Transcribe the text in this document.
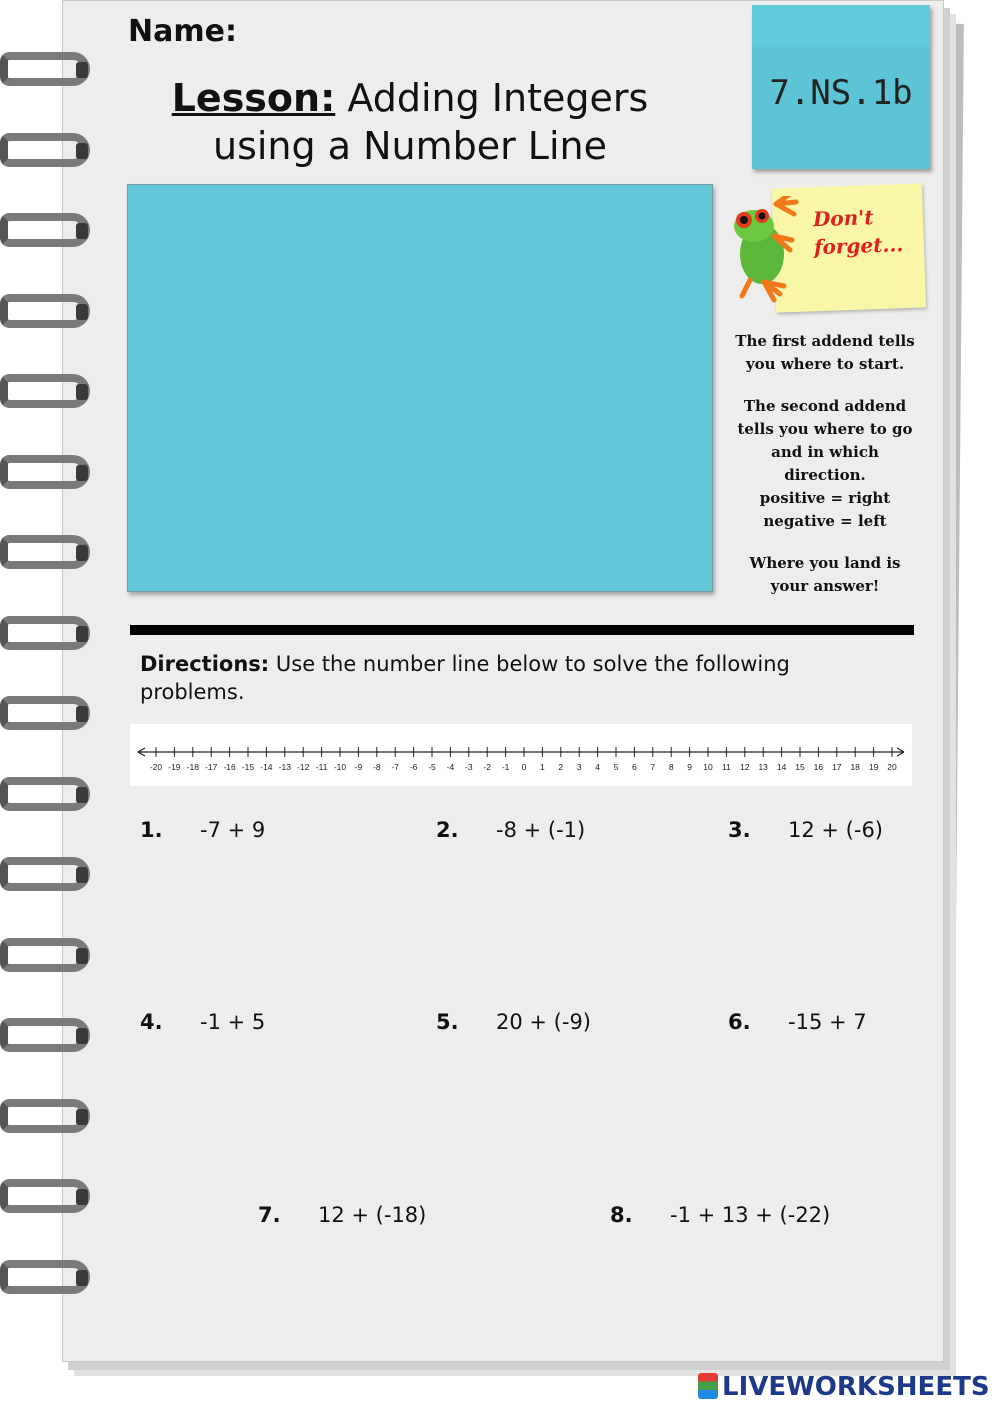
Name:
Lesson: Adding Integers
using a Number Line
7.NS.1b
Don't
forget...

The first addend tells you where to start.

The second addend tells you where to go and in which direction.
positive = right
negative = left

Where you land is your answer!

Directions: Use the number line below to solve the following problems.
-20 -19 -18 -17 -16 -15 -14 -13 -12 -11 -10 -9 -8 -7 -6 -5 -4 -3 -2 -1 0 1 2 3 4 5 6 7 8 9 10 11 12 13 14 15 16 17 18 19 20
1. -7 + 9	2. -8 + (-1)	3. 12 + (-6)
4. -1 + 5	5. 20 + (-9)	6. -15 + 7
7. 12 + (-18)	8. -1 + 13 + (-22)
LIVEWORKSHEETS
